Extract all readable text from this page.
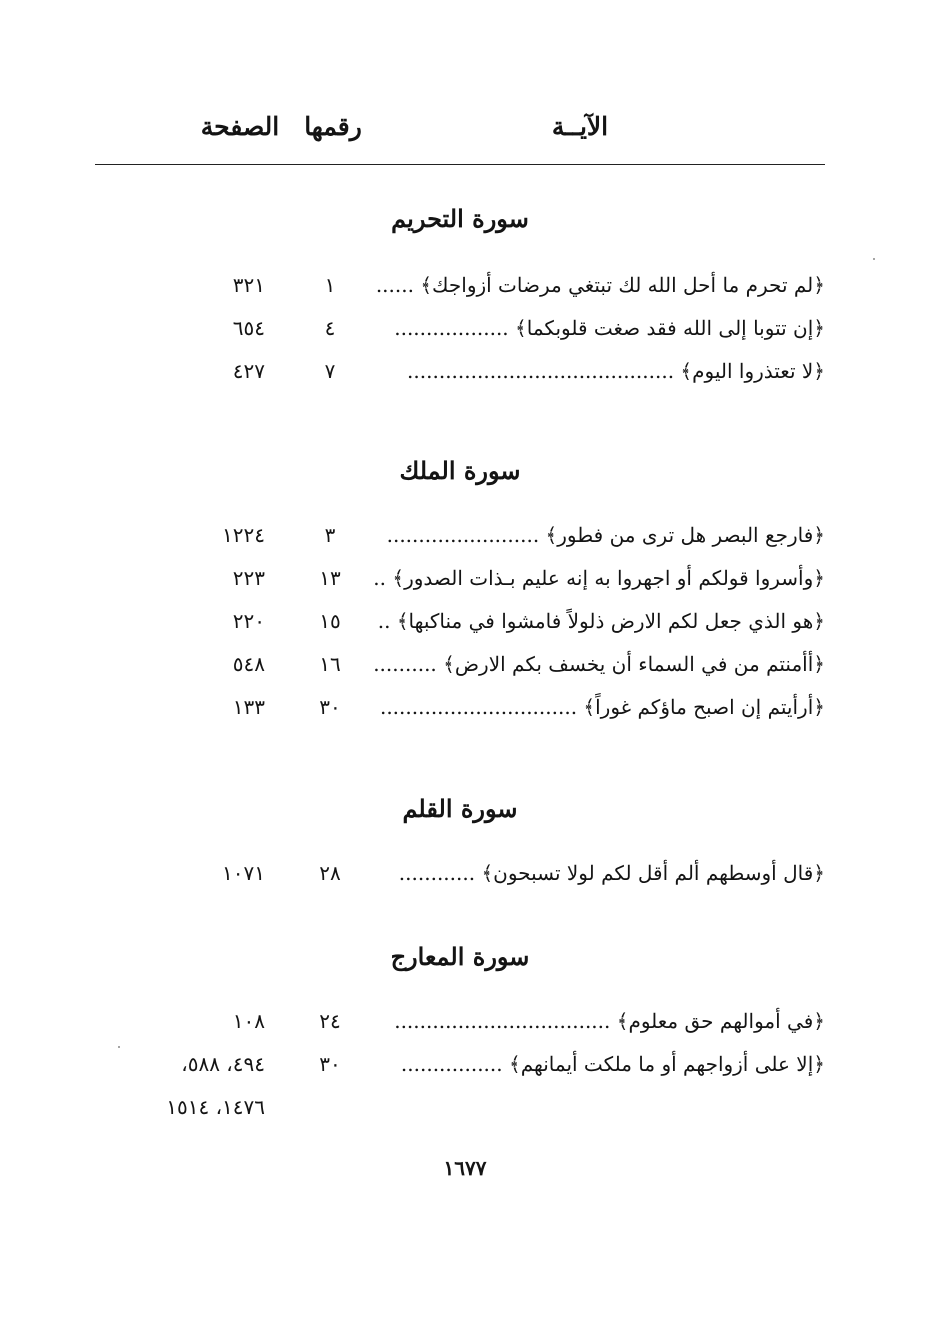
الآيــة
رقمها
الصفحة
سورة التحريم
﴿لم تحرم ما أحل الله لك تبتغي مرضات أزواجك﴾ ......
١
٣٢١
﴿إن تتوبا إلى الله فقد صغت قلوبكما﴾ ..................
٤
٦٥٤
﴿لا تعتذروا اليوم﴾ ..........................................
٧
٤٢٧
سورة الملك
﴿فارجع البصر هل ترى من فطور﴾ ........................
٣
١٢٢٤
﴿وأسروا قولكم أو اجهروا به إنه عليم بـذات الصدور﴾ ..
١٣
٢٢٣
﴿هو الذي جعل لكم الارض ذلولاً فامشوا في مناكبها﴾ ..
١٥
٢٢٠
﴿أأمنتم من في السماء أن يخسف بكم الارض﴾ ..........
١٦
٥٤٨
﴿أرأيتم إن اصبح ماؤكم غوراً﴾ ...............................
٣٠
١٣٣
سورة القلم
﴿قال أوسطهم ألم أقل لكم لولا تسبحون﴾ ............
٢٨
١٠٧١
سورة المعارج
﴿في أموالهم حق معلوم﴾ ..................................
٢٤
١٠٨
﴿إلا على أزواجهم أو ما ملكت أيمانهم﴾ ................
٣٠
٤٩٤، ٥٨٨،
١٤٧٦، ١٥١٤
١٦٧٧
